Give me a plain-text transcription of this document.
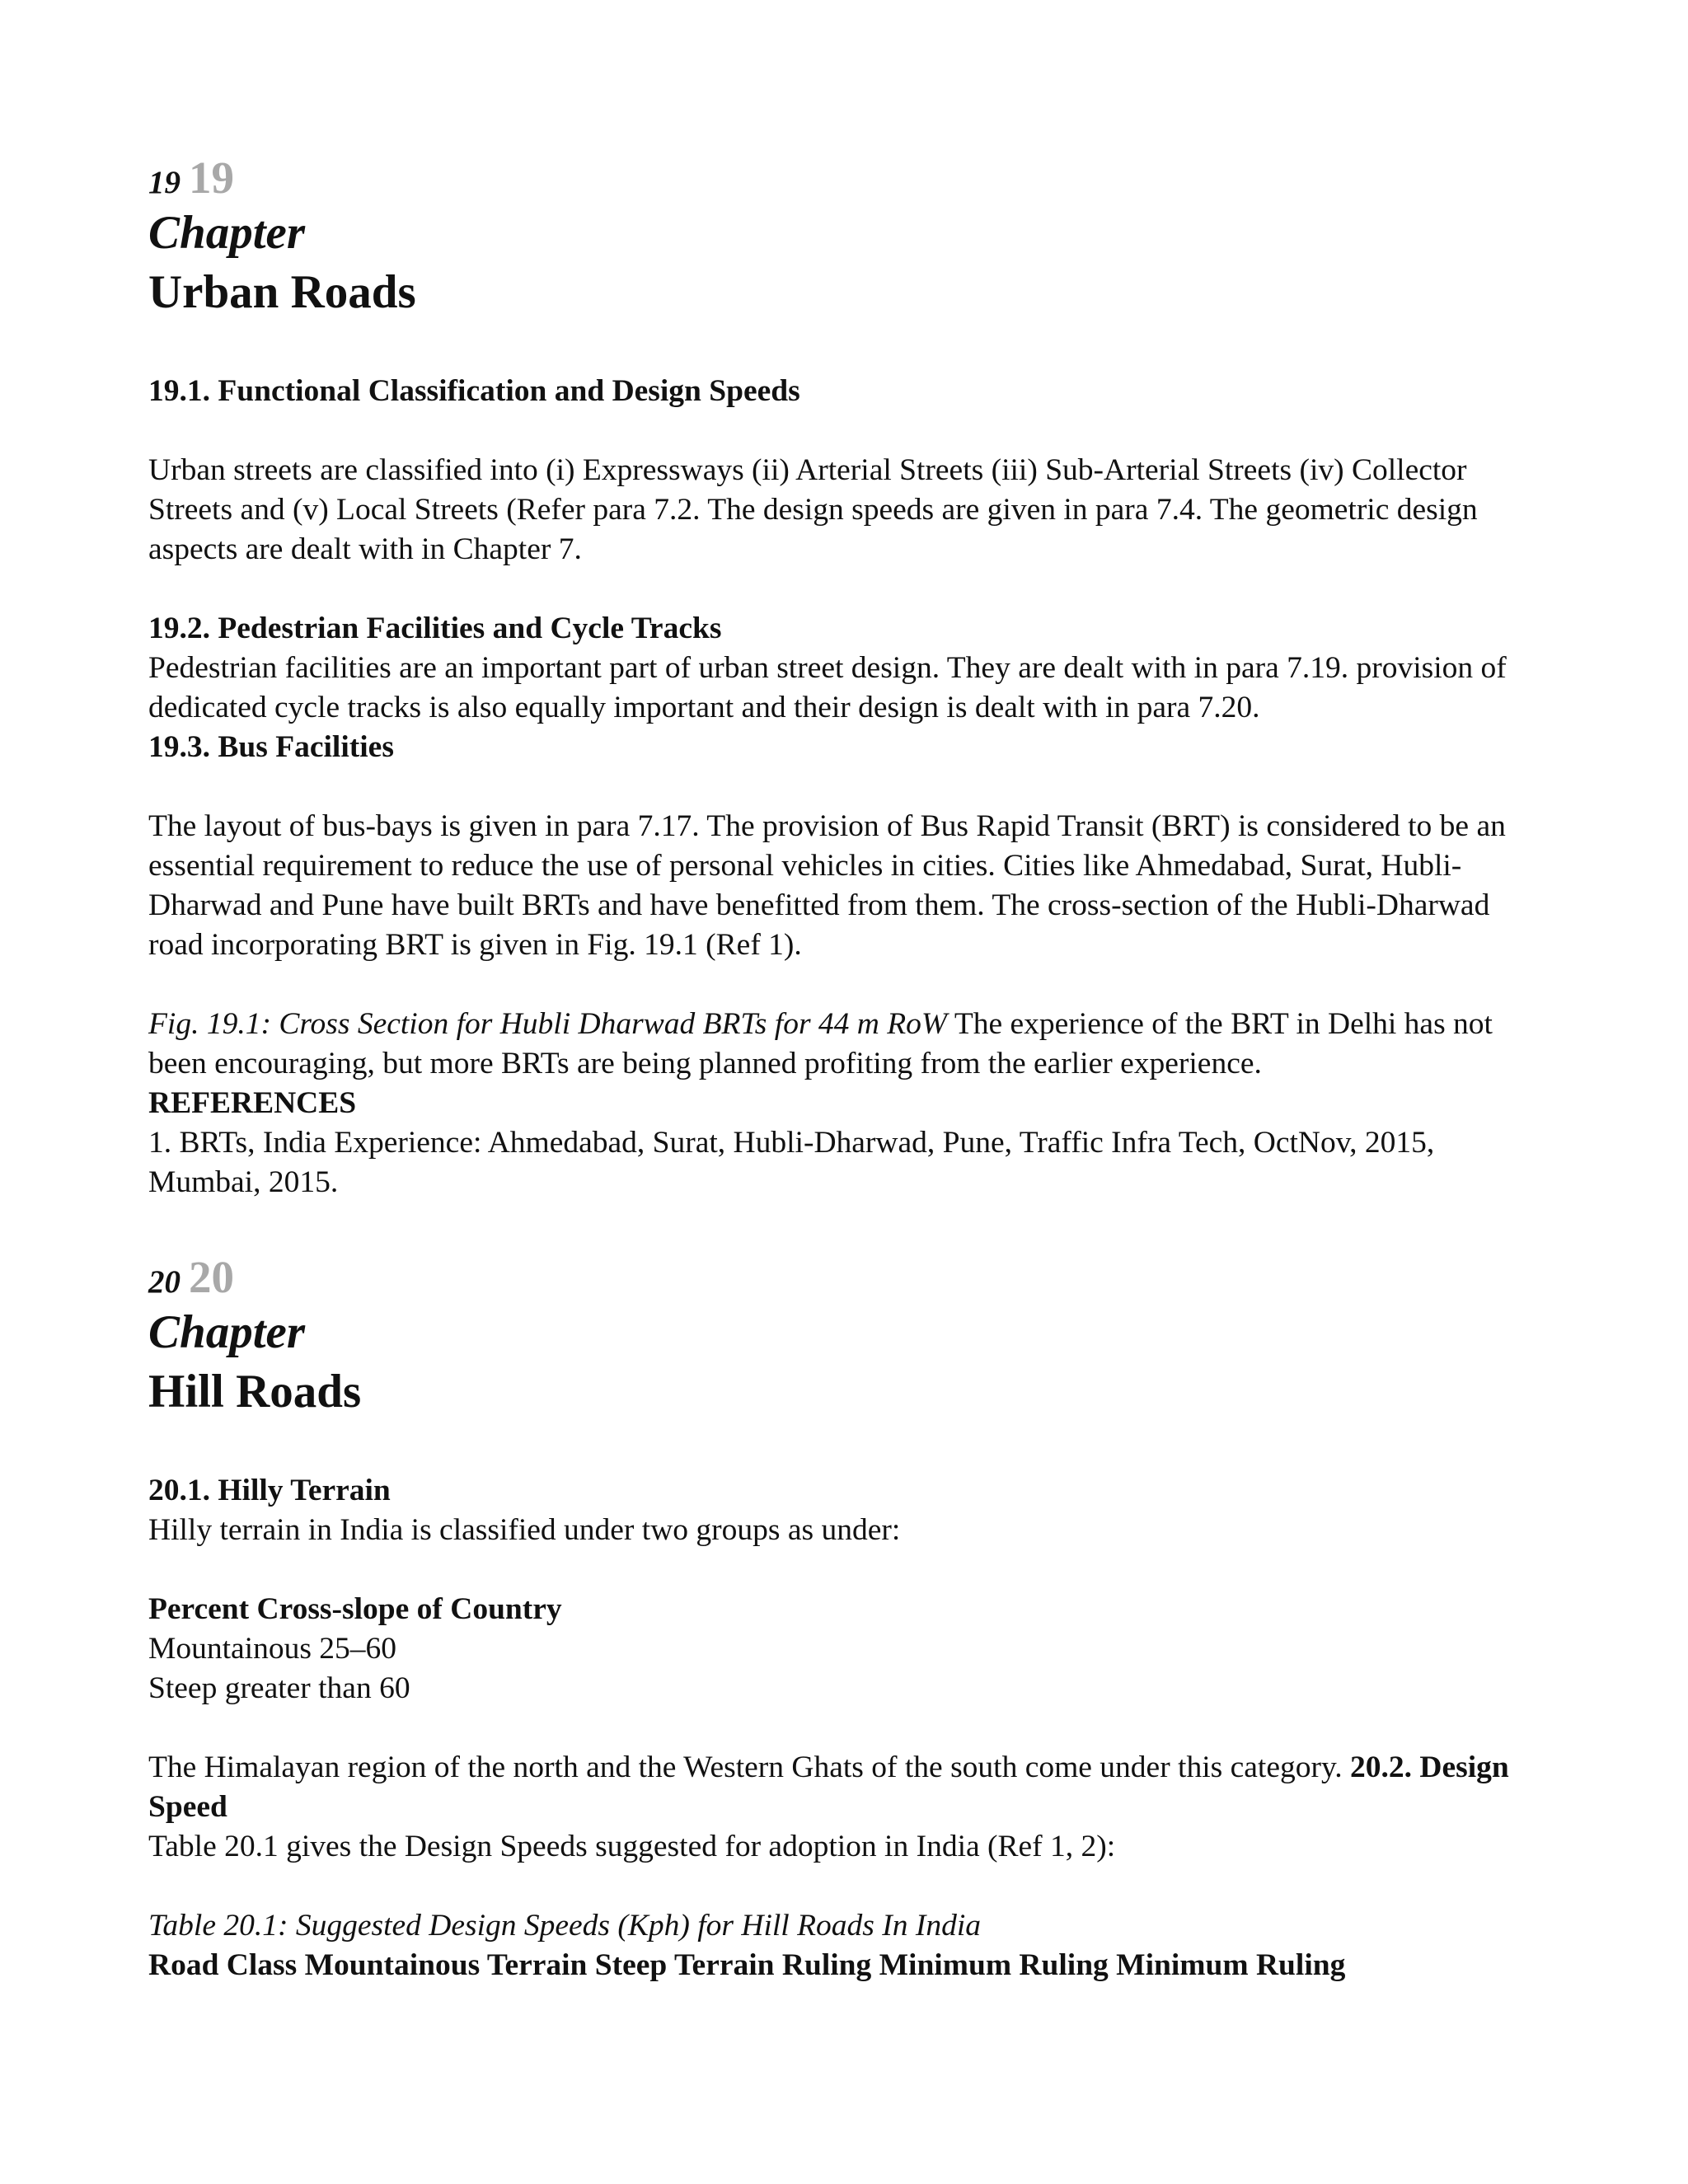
19 19
Chapter
Urban Roads

19.1. Functional Classification and Design Speeds

Urban streets are classified into (i) Expressways (ii) Arterial Streets (iii) Sub-Arterial Streets (iv) Collector Streets and (v) Local Streets (Refer para 7.2. The design speeds are given in para 7.4. The geometric design aspects are dealt with in Chapter 7.

19.2. Pedestrian Facilities and Cycle Tracks

Pedestrian facilities are an important part of urban street design. They are dealt with in para 7.19. provision of dedicated cycle tracks is also equally important and their design is dealt with in para 7.20.

19.3. Bus Facilities

The layout of bus-bays is given in para 7.17. The provision of Bus Rapid Transit (BRT) is considered to be an essential requirement to reduce the use of personal vehicles in cities. Cities like Ahmedabad, Surat, Hubli-Dharwad and Pune have built BRTs and have benefitted from them. The cross-section of the Hubli-Dharwad road incorporating BRT is given in Fig. 19.1 (Ref 1).

Fig. 19.1: Cross Section for Hubli Dharwad BRTs for 44 m RoW The experience of the BRT in Delhi has not been encouraging, but more BRTs are being planned profiting from the earlier experience.

REFERENCES

1. BRTs, India Experience: Ahmedabad, Surat, Hubli-Dharwad, Pune, Traffic Infra Tech, OctNov, 2015, Mumbai, 2015.

20 20
Chapter
Hill Roads

20.1. Hilly Terrain

Hilly terrain in India is classified under two groups as under:

Percent Cross-slope of Country

Mountainous 25–60

Steep greater than 60

The Himalayan region of the north and the Western Ghats of the south come under this category. 20.2. Design Speed

Table 20.1 gives the Design Speeds suggested for adoption in India (Ref 1, 2):

Table 20.1: Suggested Design Speeds (Kph) for Hill Roads In India

Road Class Mountainous Terrain Steep Terrain Ruling Minimum Ruling Minimum Ruling
